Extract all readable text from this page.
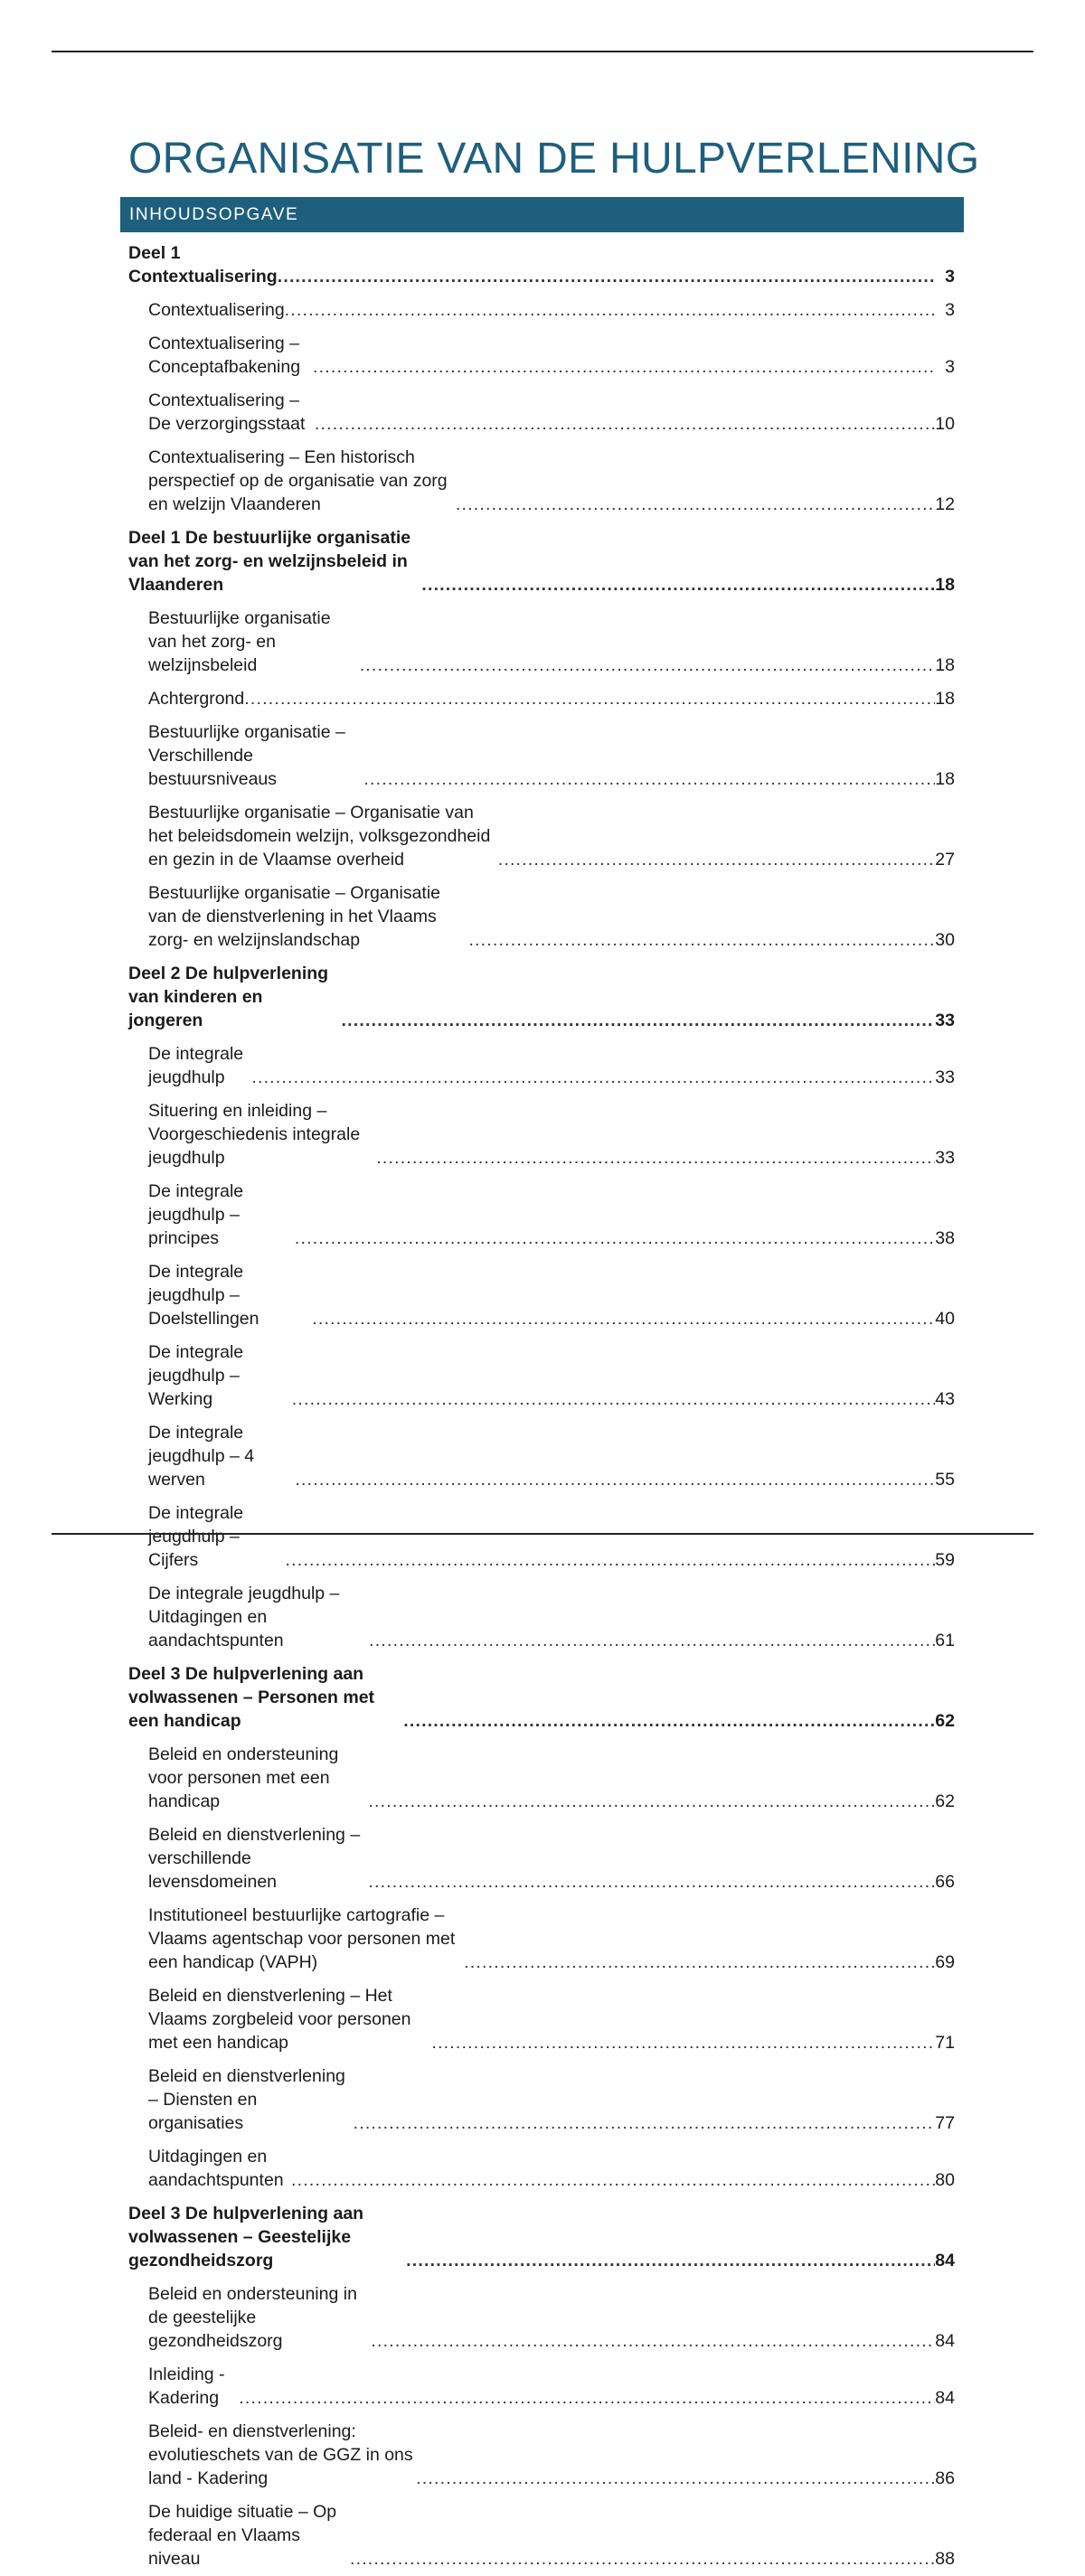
ORGANISATIE VAN DE HULPVERLENING
INHOUDSOPGAVE
Deel 1 Contextualisering .....	3
Contextualisering .....	3
Contextualisering – Conceptafbakening .....	3
Contextualisering – De verzorgingsstaat .....	10
Contextualisering – Een historisch perspectief op de organisatie van zorg en welzijn Vlaanderen .....	12
Deel 1 De bestuurlijke organisatie van het zorg- en welzijnsbeleid in Vlaanderen .....	18
Bestuurlijke organisatie van het zorg- en welzijnsbeleid .....	18
Achtergrond .....	18
Bestuurlijke organisatie – Verschillende bestuursniveaus .....	18
Bestuurlijke organisatie – Organisatie van het beleidsdomein welzijn, volksgezondheid en gezin in de Vlaamse overheid .....	27
Bestuurlijke organisatie – Organisatie van de dienstverlening in het Vlaams zorg- en welzijnslandschap .....	30
Deel 2 De hulpverlening van kinderen en jongeren .....	33
De integrale jeugdhulp .....	33
Situering en inleiding – Voorgeschiedenis integrale jeugdhulp .....	33
De integrale jeugdhulp – principes .....	38
De integrale jeugdhulp – Doelstellingen .....	40
De integrale jeugdhulp – Werking .....	43
De integrale jeugdhulp – 4 werven .....	55
De integrale jeugdhulp – Cijfers .....	59
De integrale jeugdhulp – Uitdagingen en aandachtspunten .....	61
Deel 3 De hulpverlening aan volwassenen – Personen met een handicap .....	62
Beleid en ondersteuning voor personen met een handicap .....	62
Beleid en dienstverlening – verschillende levensdomeinen .....	66
Institutioneel bestuurlijke cartografie – Vlaams agentschap voor personen met een handicap (VAPH) .....	69
Beleid en dienstverlening – Het Vlaams zorgbeleid voor personen met een handicap .....	71
Beleid en dienstverlening – Diensten en organisaties .....	77
Uitdagingen en aandachtspunten .....	80
Deel 3 De hulpverlening aan volwassenen – Geestelijke gezondheidszorg .....	84
Beleid en ondersteuning in de geestelijke gezondheidszorg .....	84
Inleiding - Kadering .....	84
Beleid- en dienstverlening: evolutieschets van de GGZ in ons land - Kadering .....	86
De huidige situatie – Op federaal en Vlaams niveau .....	88
